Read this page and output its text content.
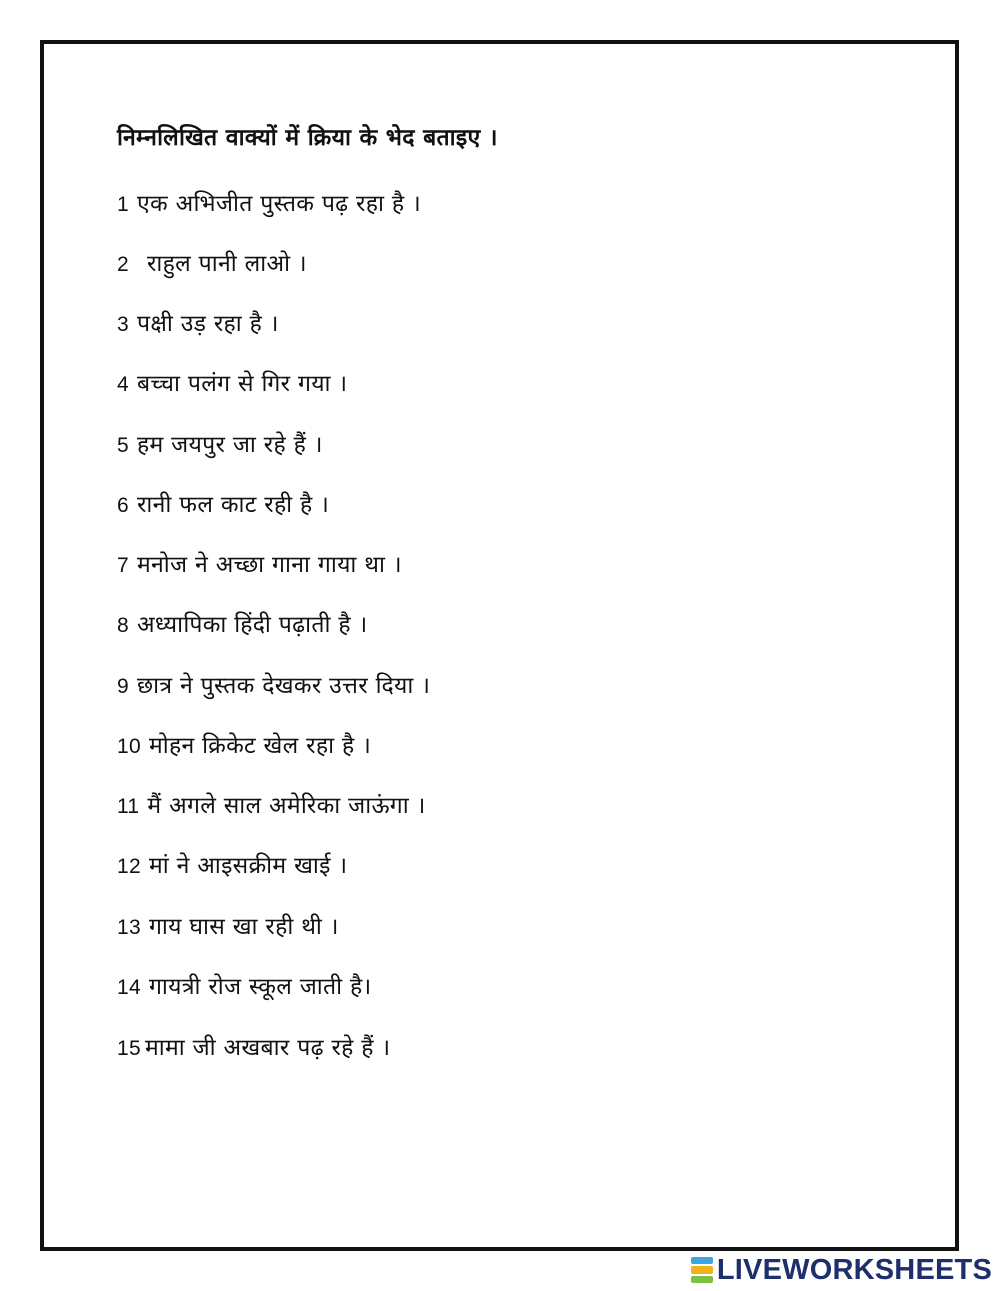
निम्नलिखित वाक्यों में क्रिया के भेद बताइए ।
1 एक अभिजीत पुस्तक पढ़ रहा है ।
2 राहुल पानी लाओ ।
3 पक्षी उड़ रहा है ।
4 बच्चा पलंग से गिर गया ।
5 हम जयपुर जा रहे हैं ।
6 रानी फल काट रही है ।
7 मनोज ने अच्छा गाना गाया था ।
8 अध्यापिका हिंदी पढ़ाती है ।
9 छात्र ने पुस्तक देखकर उत्तर दिया ।
10 मोहन क्रिकेट खेल रहा है ।
11 मैं अगले साल अमेरिका जाऊंगा ।
12 मां ने आइसक्रीम खाई ।
13 गाय घास खा रही थी ।
14 गायत्री रोज स्कूल जाती है।
15 मामा जी अखबार पढ़ रहे हैं ।
LIVEWORKSHEETS
